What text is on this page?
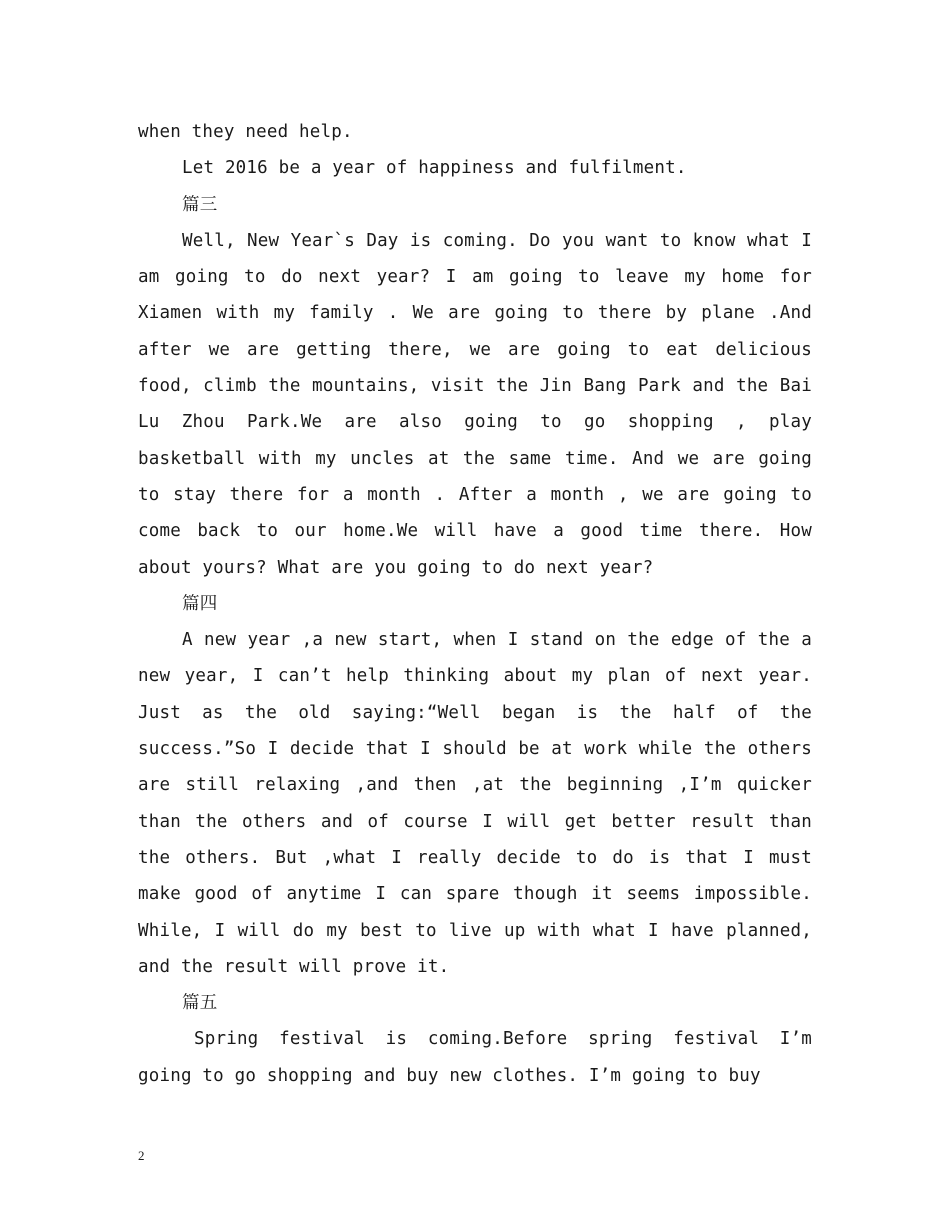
when they need help.

Let 2016 be a year of happiness and fulfilment.

篇三

Well, New Year`s Day is coming. Do you want to know what I am going to do next year? I am going to leave my home for Xiamen with my family . We are going to there by plane .And after we are getting there, we are going to eat delicious food, climb the mountains, visit the Jin Bang Park and the Bai Lu Zhou Park.We are also going to go shopping , play basketball with my uncles at the same time. And we are going to stay there for a month . After a month , we are going to come back to our home.We will have a good time there. How about yours? What are you going to do next year?

篇四

A new year ,a new start, when I stand on the edge of the a new year, I can’t help thinking about my plan of next year. Just as the old saying:“Well began is the half of the success.”So I decide that I should be at work while the others are still relaxing ,and then ,at the beginning ,I’m quicker than the others and of course I will get better result than the others. But ,what I really decide to do is that I must make good of anytime I can spare though it seems impossible. While, I will do my best to live up with what I have planned, and the result will prove it.

篇五

Spring festival is coming.Before spring festival I’m going to go shopping and buy new clothes. I’m going to buy

2
